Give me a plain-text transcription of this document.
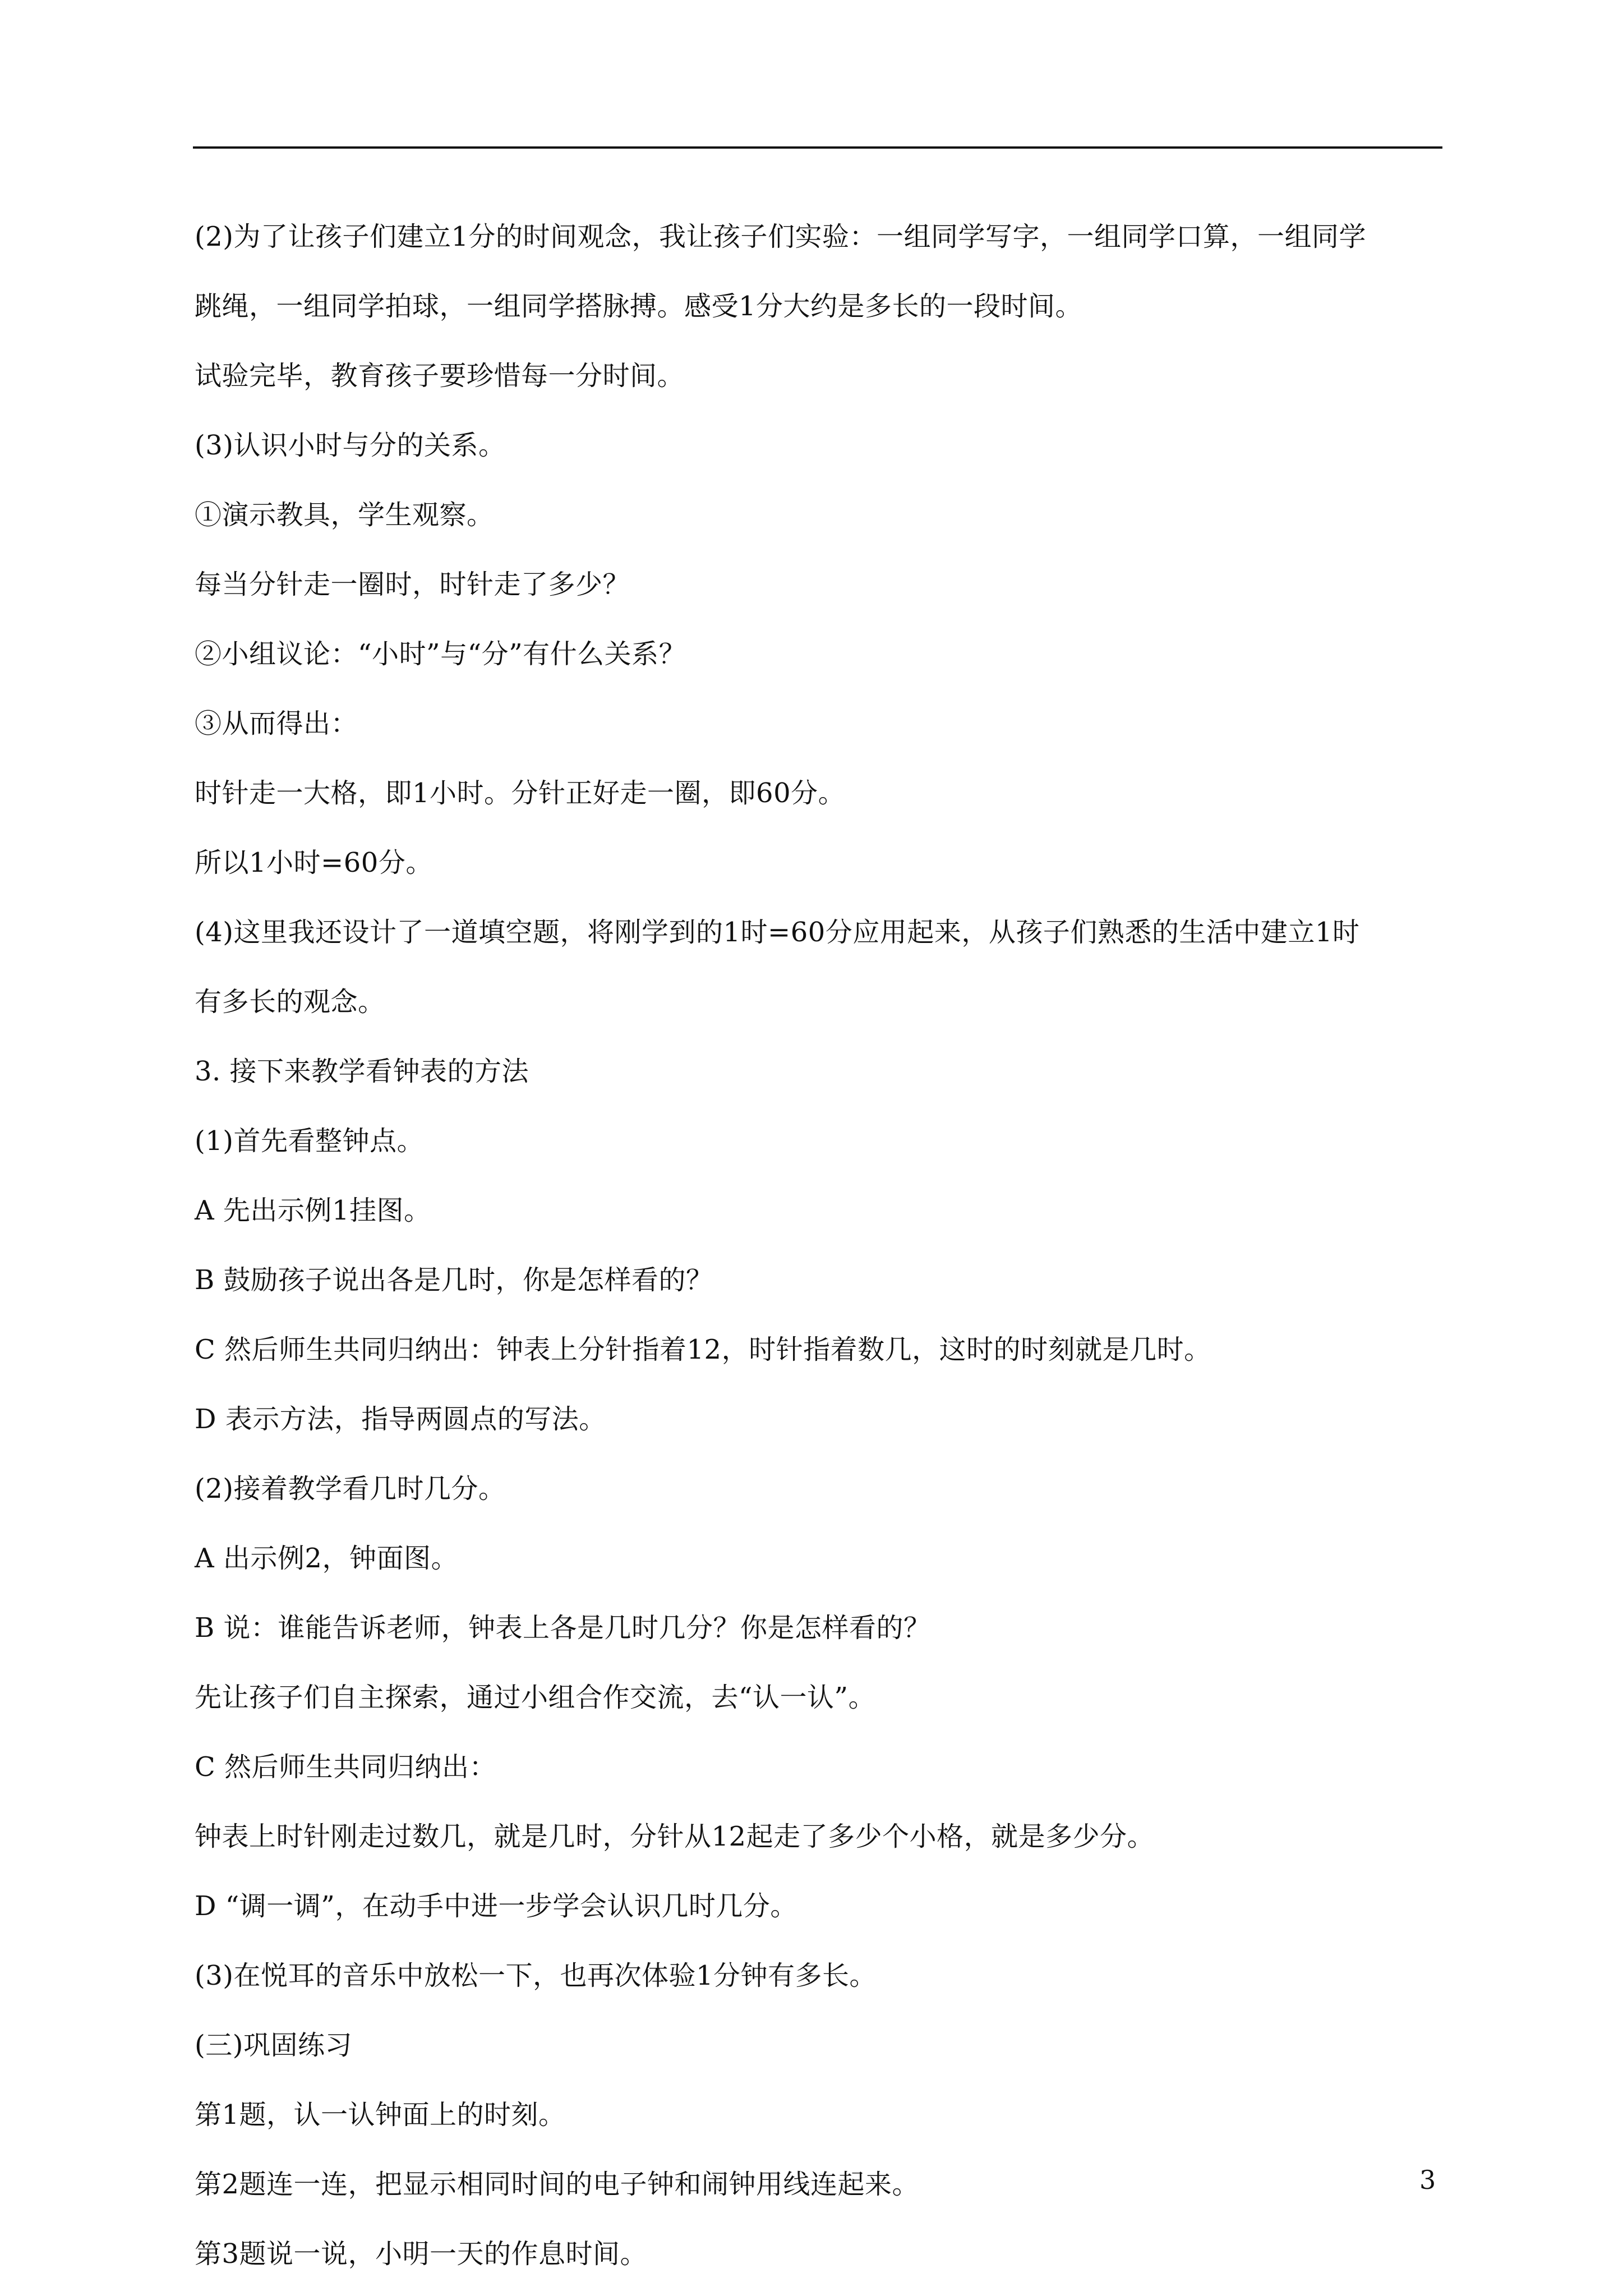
(2)为了让孩子们建立1分的时间观念，我让孩子们实验：一组同学写字，一组同学口算，一组同学
跳绳，一组同学拍球，一组同学搭脉搏。感受1分大约是多长的一段时间。
试验完毕，教育孩子要珍惜每一分时间。
(3)认识小时与分的关系。
①演示教具，学生观察。
每当分针走一圈时，时针走了多少？
②小组议论：“小时”与“分”有什么关系？
③从而得出：
时针走一大格，即1小时。分针正好走一圈，即60分。
所以1小时=60分。
(4)这里我还设计了一道填空题，将刚学到的1时=60分应用起来，从孩子们熟悉的生活中建立1时
有多长的观念。
3. 接下来教学看钟表的方法
(1)首先看整钟点。
A 先出示例1挂图。
B 鼓励孩子说出各是几时，你是怎样看的？
C 然后师生共同归纳出：钟表上分针指着12，时针指着数几，这时的时刻就是几时。
D 表示方法，指导两圆点的写法。
(2)接着教学看几时几分。
A 出示例2，钟面图。
B 说：谁能告诉老师，钟表上各是几时几分？你是怎样看的？
先让孩子们自主探索，通过小组合作交流，去“认一认”。
C 然后师生共同归纳出：
钟表上时针刚走过数几，就是几时，分针从12起走了多少个小格，就是多少分。
D “调一调”，在动手中进一步学会认识几时几分。
(3)在悦耳的音乐中放松一下，也再次体验1分钟有多长。
(三)巩固练习
第1题，认一认钟面上的时刻。
第2题连一连，把显示相同时间的电子钟和闹钟用线连起来。
第3题说一说，小明一天的作息时间。
3
